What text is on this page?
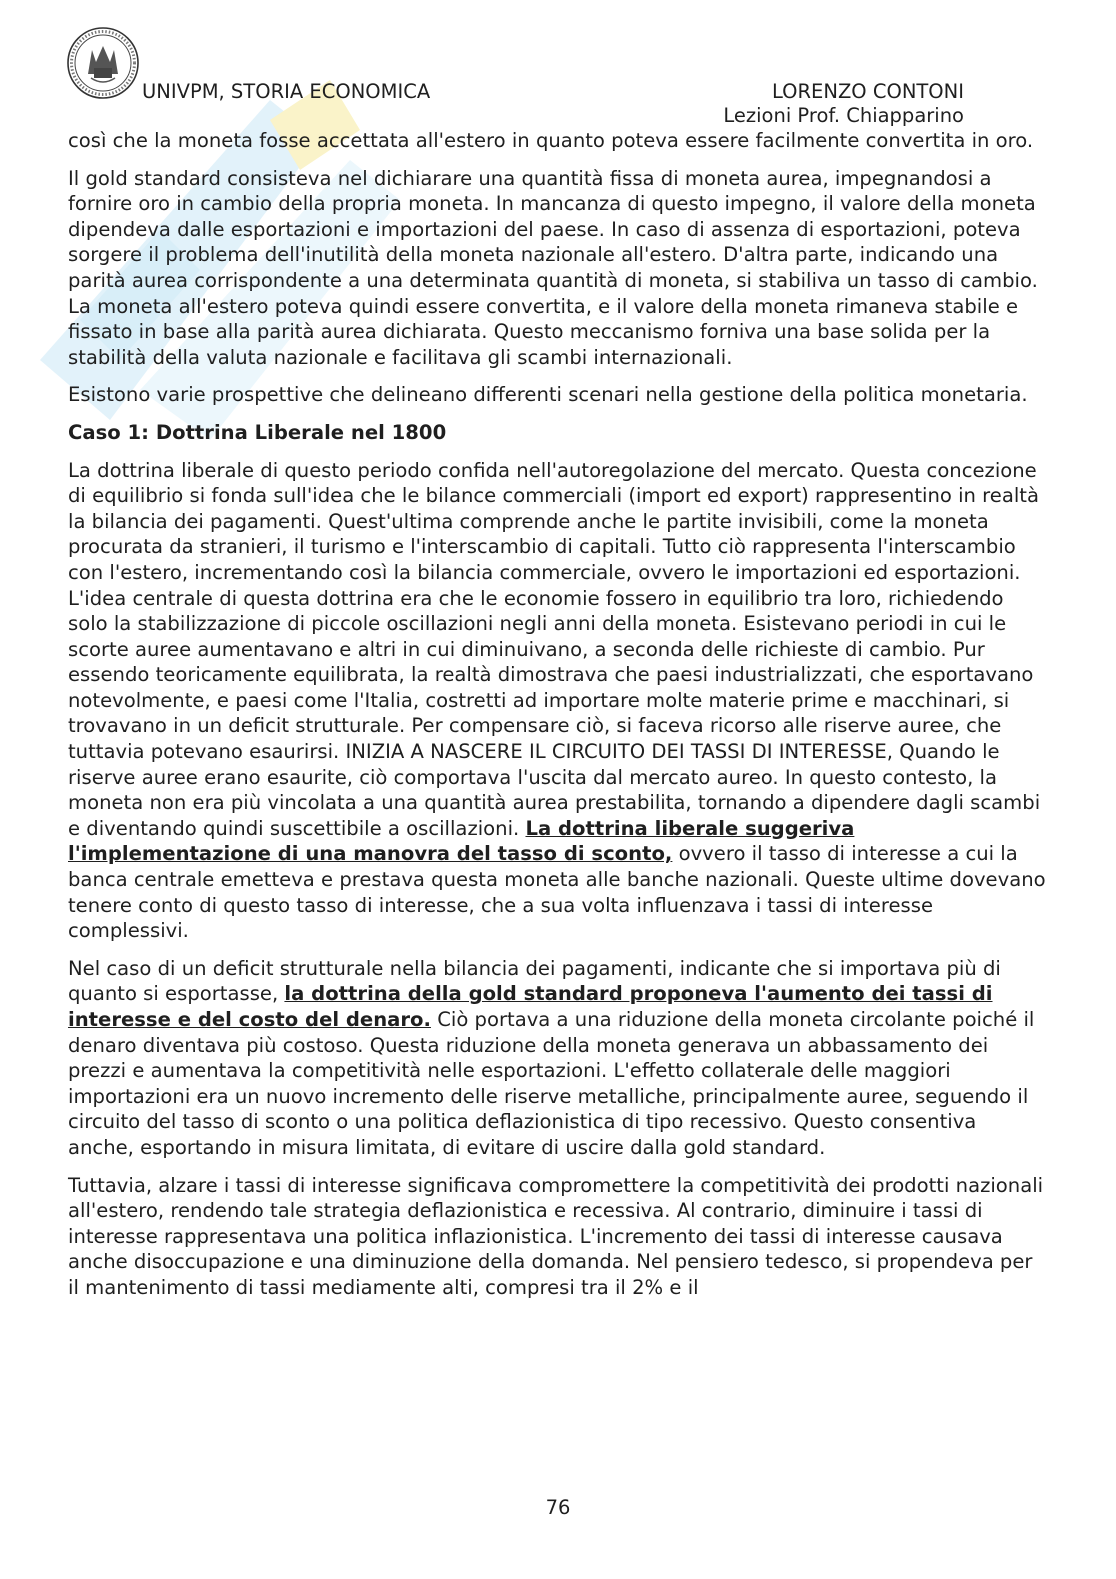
UNIVPM, STORIA ECONOMICA	LORENZO CONTONI
Lezioni Prof. Chiapparino

così che la moneta fosse accettata all'estero in quanto poteva essere facilmente convertita in oro.

Il gold standard consisteva nel dichiarare una quantità fissa di moneta aurea, impegnandosi a fornire oro in cambio della propria moneta. In mancanza di questo impegno, il valore della moneta dipendeva dalle esportazioni e importazioni del paese. In caso di assenza di esportazioni, poteva sorgere il problema dell'inutilità della moneta nazionale all'estero. D'altra parte, indicando una parità aurea corrispondente a una determinata quantità di moneta, si stabiliva un tasso di cambio. La moneta all'estero poteva quindi essere convertita, e il valore della moneta rimaneva stabile e fissato in base alla parità aurea dichiarata. Questo meccanismo forniva una base solida per la stabilità della valuta nazionale e facilitava gli scambi internazionali.

Esistono varie prospettive che delineano differenti scenari nella gestione della politica monetaria.

Caso 1: Dottrina Liberale nel 1800

La dottrina liberale di questo periodo confida nell'autoregolazione del mercato. Questa concezione di equilibrio si fonda sull'idea che le bilance commerciali (import ed export) rappresentino in realtà la bilancia dei pagamenti. Quest'ultima comprende anche le partite invisibili, come la moneta procurata da stranieri, il turismo e l'interscambio di capitali. Tutto ciò rappresenta l'interscambio con l'estero, incrementando così la bilancia commerciale, ovvero le importazioni ed esportazioni. L'idea centrale di questa dottrina era che le economie fossero in equilibrio tra loro, richiedendo solo la stabilizzazione di piccole oscillazioni negli anni della moneta. Esistevano periodi in cui le scorte auree aumentavano e altri in cui diminuivano, a seconda delle richieste di cambio. Pur essendo teoricamente equilibrata, la realtà dimostrava che paesi industrializzati, che esportavano notevolmente, e paesi come l'Italia, costretti ad importare molte materie prime e macchinari, si trovavano in un deficit strutturale. Per compensare ciò, si faceva ricorso alle riserve auree, che tuttavia potevano esaurirsi. INIZIA A NASCERE IL CIRCUITO DEI TASSI DI INTERESSE, Quando le riserve auree erano esaurite, ciò comportava l'uscita dal mercato aureo. In questo contesto, la moneta non era più vincolata a una quantità aurea prestabilita, tornando a dipendere dagli scambi e diventando quindi suscettibile a oscillazioni. La dottrina liberale suggeriva l'implementazione di una manovra del tasso di sconto, ovvero il tasso di interesse a cui la banca centrale emetteva e prestava questa moneta alle banche nazionali. Queste ultime dovevano tenere conto di questo tasso di interesse, che a sua volta influenzava i tassi di interesse complessivi.

Nel caso di un deficit strutturale nella bilancia dei pagamenti, indicante che si importava più di quanto si esportasse, la dottrina della gold standard proponeva l'aumento dei tassi di interesse e del costo del denaro. Ciò portava a una riduzione della moneta circolante poiché il denaro diventava più costoso. Questa riduzione della moneta generava un abbassamento dei prezzi e aumentava la competitività nelle esportazioni. L'effetto collaterale delle maggiori importazioni era un nuovo incremento delle riserve metalliche, principalmente auree, seguendo il circuito del tasso di sconto o una politica deflazionistica di tipo recessivo. Questo consentiva anche, esportando in misura limitata, di evitare di uscire dalla gold standard.

Tuttavia, alzare i tassi di interesse significava compromettere la competitività dei prodotti nazionali all'estero, rendendo tale strategia deflazionistica e recessiva. Al contrario, diminuire i tassi di interesse rappresentava una politica inflazionistica. L'incremento dei tassi di interesse causava anche disoccupazione e una diminuzione della domanda. Nel pensiero tedesco, si propendeva per il mantenimento di tassi mediamente alti, compresi tra il 2% e il

76
